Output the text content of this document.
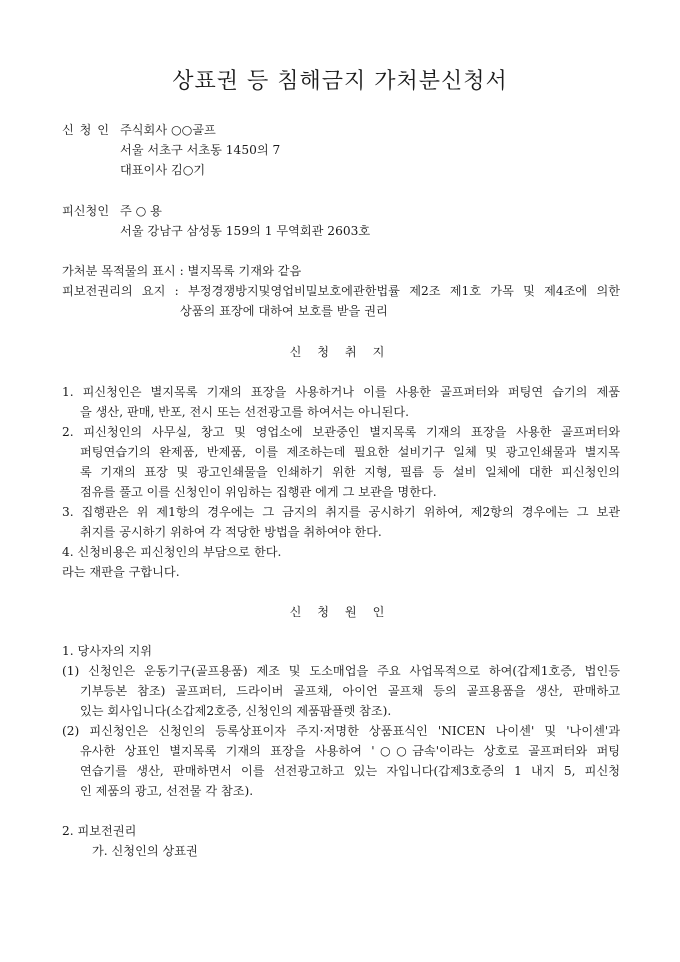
상표권 등 침해금지 가처분신청서
신 청 인 주식회사 ○○골프
서울 서초구 서초동 1450의 7
대표이사 김○기
피신청인 주 ○ 용
서울 강남구 삼성동 159의 1 무역회관 2603호
가처분 목적물의 표시 : 별지목록 기재와 같음
피보전권리의 요지 : 부정경쟁방지및영업비밀보호에관한법률 제2조 제1호 가목 및 제4조에 의한
상품의 표장에 대하여 보호를 받을 권리
신 청 취 지
1. 피신청인은 별지목록 기재의 표장을 사용하거나 이를 사용한 골프퍼터와 퍼팅연 습기의 제품
을 생산, 판매, 반포, 전시 또는 선전광고를 하여서는 아니된다.
2. 피신청인의 사무실, 창고 및 영업소에 보관중인 별지목록 기재의 표장을 사용한 골프퍼터와
퍼팅연습기의 완제품, 반제품, 이를 제조하는데 필요한 설비기구 일체 및 광고인쇄물과 별지목
록 기재의 표장 및 광고인쇄물을 인쇄하기 위한 지형, 필름 등 설비 일체에 대한 피신청인의
점유를 풀고 이를 신청인이 위임하는 집행관 에게 그 보관을 명한다.
3. 집행관은 위 제1항의 경우에는 그 금지의 취지를 공시하기 위하여, 제2항의 경우에는 그 보관
취지를 공시하기 위하여 각 적당한 방법을 취하여야 한다.
4. 신청비용은 피신청인의 부담으로 한다.
라는 재판을 구합니다.
신 청 원 인
1. 당사자의 지위
(1) 신청인은 운동기구(골프용품) 제조 및 도소매업을 주요 사업목적으로 하여(갑제1호증, 법인등
기부등본 참조) 골프퍼터, 드라이버 골프채, 아이언 골프채 등의 골프용품을 생산, 판매하고
있는 회사입니다(소갑제2호증, 신청인의 제품팜플렛 참조).
(2) 피신청인은 신청인의 등록상표이자 주지·저명한 상품표식인 'NICEN 나이센' 및 '나이센'과
유사한 상표인 별지목록 기재의 표장을 사용하여 '○○금속'이라는 상호로 골프퍼터와 퍼팅
연습기를 생산, 판매하면서 이를 선전광고하고 있는 자입니다(갑제3호증의 1 내지 5, 피신청
인 제품의 광고, 선전물 각 참조).
2. 피보전권리
가. 신청인의 상표권
